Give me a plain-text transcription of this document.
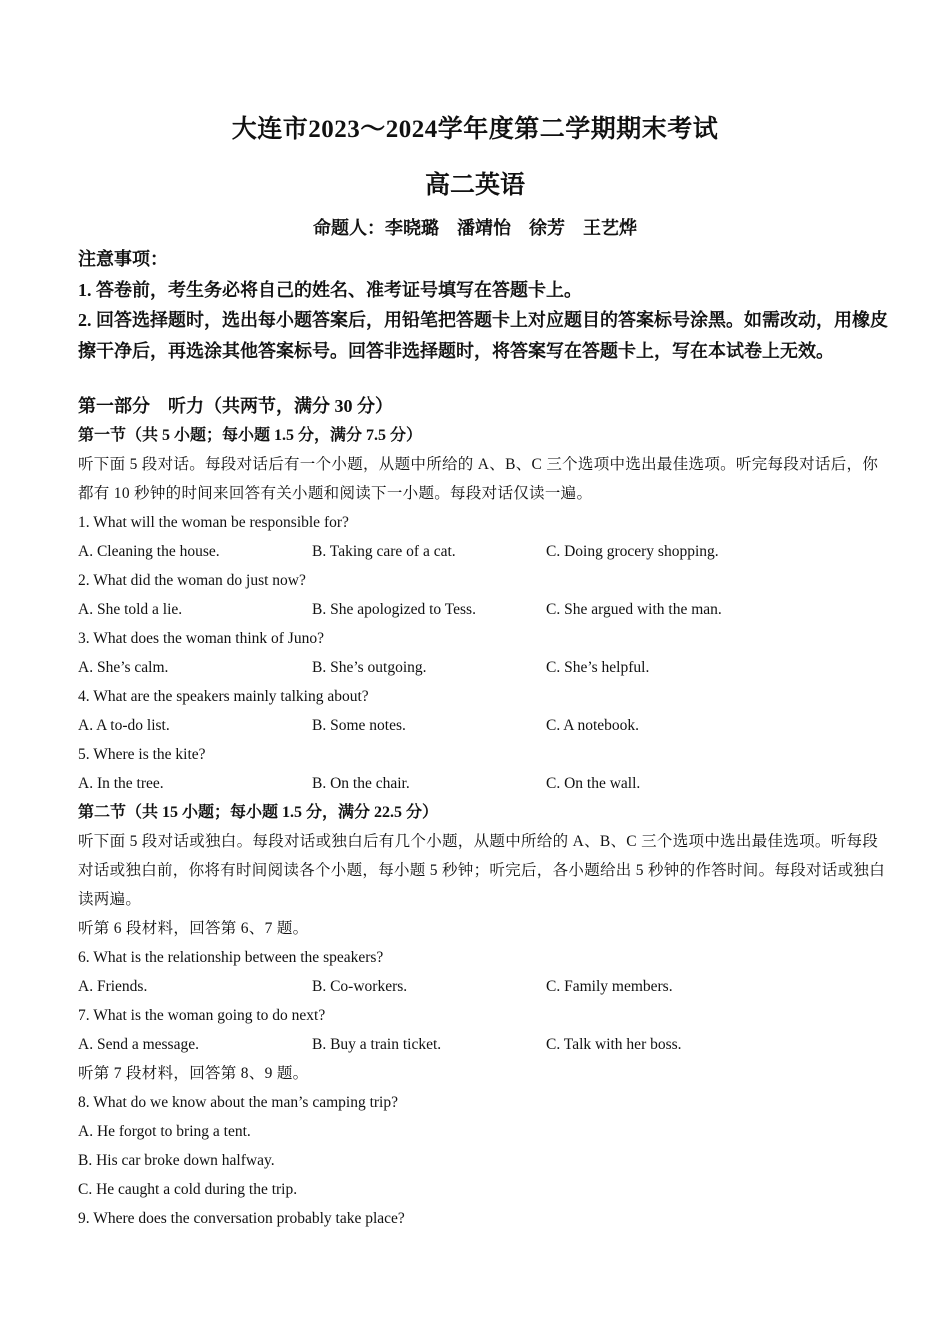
大连市2023～2024学年度第二学期期末考试
高二英语
命题人：李晓璐　潘靖怡　徐芳　王艺烨

注意事项：

1. 答卷前，考生务必将自己的姓名、准考证号填写在答题卡上。

2. 回答选择题时，选出每小题答案后，用铅笔把答题卡上对应题目的答案标号涂黑。如需改动，用橡皮擦干净后，再选涂其他答案标号。回答非选择题时，将答案写在答题卡上，写在本试卷上无效。

第一部分　听力（共两节，满分 30 分）

第一节（共 5 小题；每小题 1.5 分，满分 7.5 分）

听下面 5 段对话。每段对话后有一个小题，从题中所给的 A、B、C 三个选项中选出最佳选项。听完每段对话后，你都有 10 秒钟的时间来回答有关小题和阅读下一小题。每段对话仅读一遍。

1. What will the woman be responsible for?

A. Cleaning the house.	B. Taking care of a cat.	C. Doing grocery shopping.

2. What did the woman do just now?

A. She told a lie.	B. She apologized to Tess.	C. She argued with the man.

3. What does the woman think of Juno?

A. She’s calm.	B. She’s outgoing.	C. She’s helpful.

4. What are the speakers mainly talking about?

A. A to-do list.	B. Some notes.	C. A notebook.

5. Where is the kite?

A. In the tree.	B. On the chair.	C. On the wall.

第二节（共 15 小题；每小题 1.5 分，满分 22.5 分）

听下面 5 段对话或独白。每段对话或独白后有几个小题，从题中所给的 A、B、C 三个选项中选出最佳选项。听每段对话或独白前，你将有时间阅读各个小题，每小题 5 秒钟；听完后，各小题给出 5 秒钟的作答时间。每段对话或独白读两遍。

听第 6 段材料，回答第 6、7 题。

6. What is the relationship between the speakers?

A. Friends.	B. Co-workers.	C. Family members.

7. What is the woman going to do next?

A. Send a message.	B. Buy a train ticket.	C. Talk with her boss.

听第 7 段材料，回答第 8、9 题。

8. What do we know about the man’s camping trip?

A. He forgot to bring a tent.

B. His car broke down halfway.

C. He caught a cold during the trip.

9. Where does the conversation probably take place?
